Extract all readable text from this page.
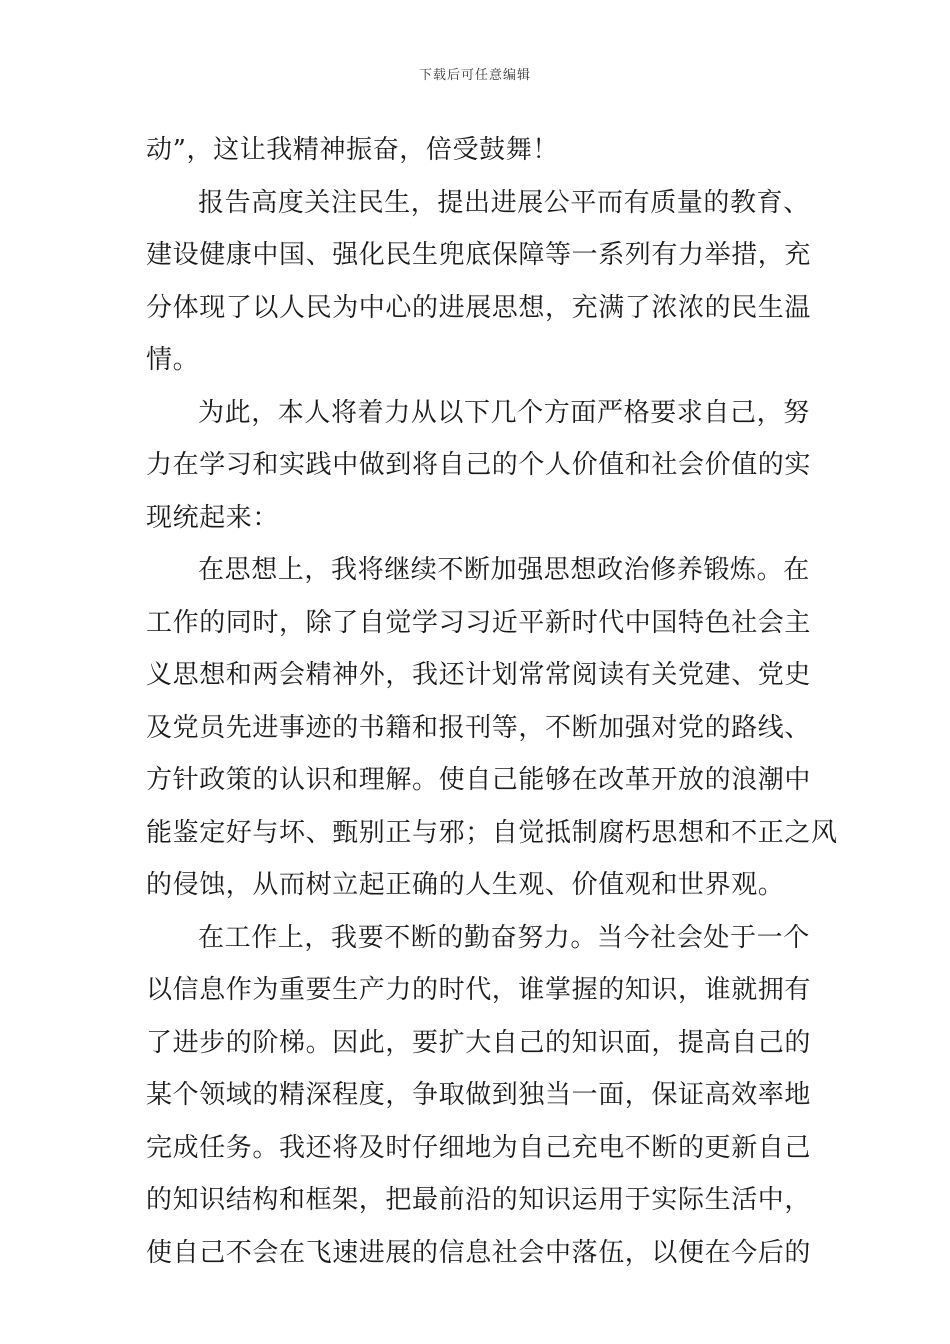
下载后可任意编辑
动”，这让我精神振奋，倍受鼓舞！
报告高度关注民生，提出进展公平而有质量的教育、
建设健康中国、强化民生兜底保障等一系列有力举措，充
分体现了以人民为中心的进展思想，充满了浓浓的民生温
情。
为此，本人将着力从以下几个方面严格要求自己，努
力在学习和实践中做到将自己的个人价值和社会价值的实
现统起来：
在思想上，我将继续不断加强思想政治修养锻炼。在
工作的同时，除了自觉学习习近平新时代中国特色社会主
义思想和两会精神外，我还计划常常阅读有关党建、党史
及党员先进事迹的书籍和报刊等，不断加强对党的路线、
方针政策的认识和理解。使自己能够在改革开放的浪潮中
能鉴定好与坏、甄别正与邪；自觉抵制腐朽思想和不正之风
的侵蚀，从而树立起正确的人生观、价值观和世界观。
在工作上，我要不断的勤奋努力。当今社会处于一个
以信息作为重要生产力的时代，谁掌握的知识，谁就拥有
了进步的阶梯。因此，要扩大自己的知识面，提高自己的
某个领域的精深程度，争取做到独当一面，保证高效率地
完成任务。我还将及时仔细地为自己充电不断的更新自己
的知识结构和框架，把最前沿的知识运用于实际生活中，
使自己不会在飞速进展的信息社会中落伍，以便在今后的
